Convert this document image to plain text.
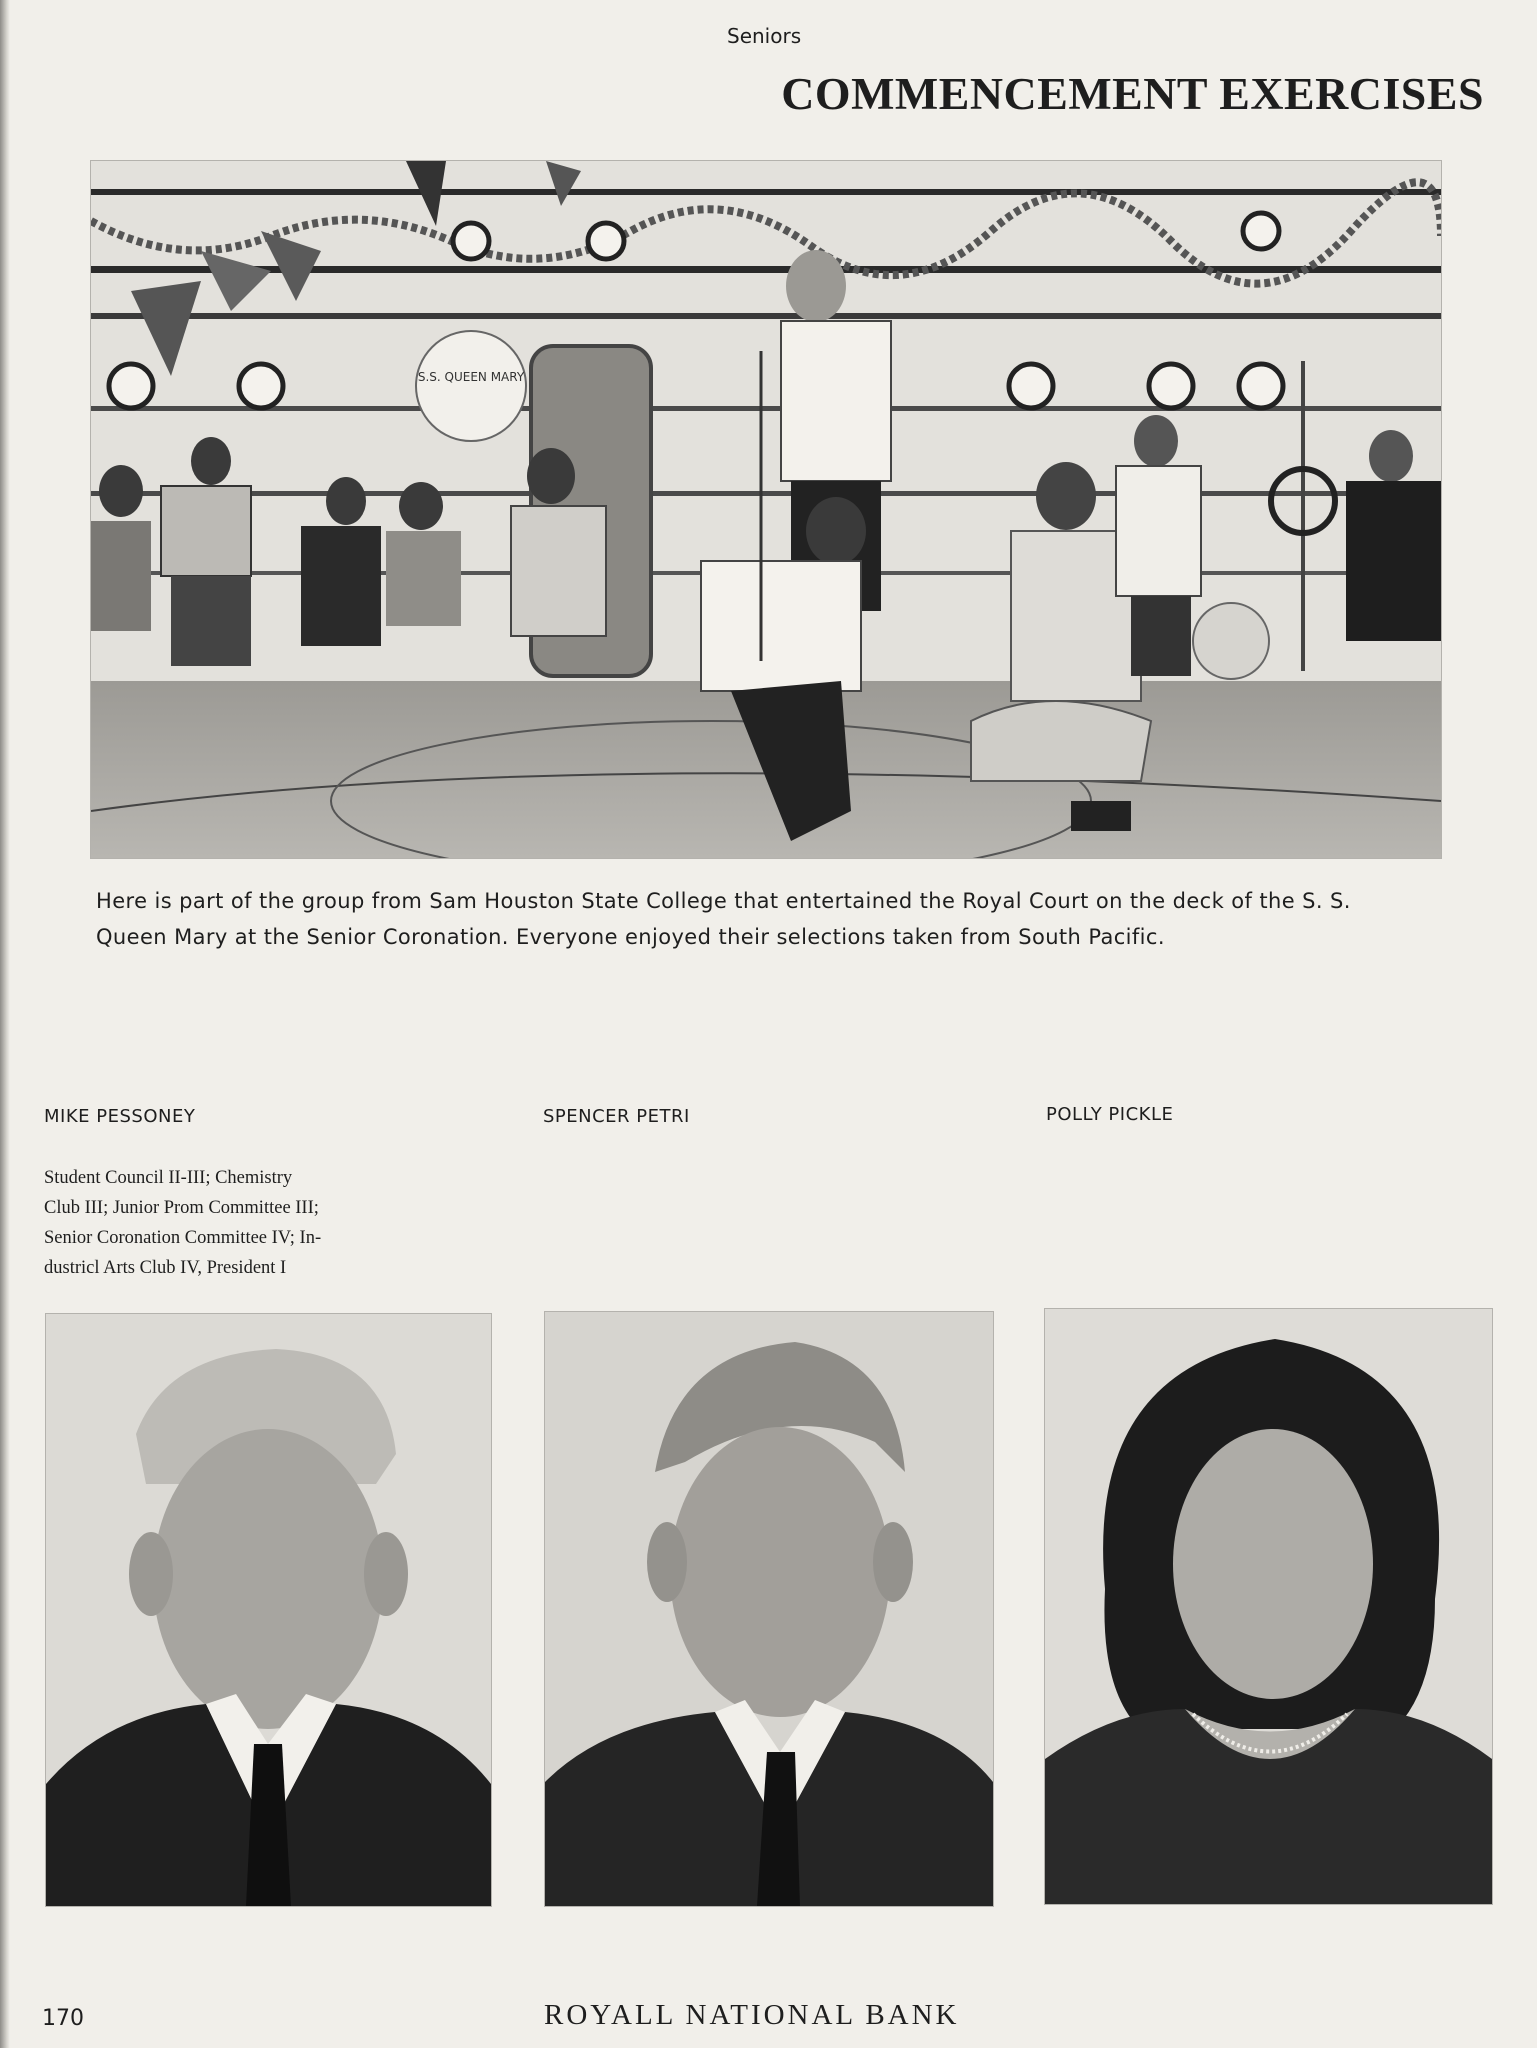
Seniors
COMMENCEMENT EXERCISES
S.S. QUEEN MARY
Here is part of the group from Sam Houston State College that entertained the Royal Court on the deck of the S. S.
Queen Mary at the Senior Coronation. Everyone enjoyed their selections taken from South Pacific.
MIKE PESSONEY	SPENCER PETRI	POLLY PICKLE
Student Council II-III; Chemistry
Club III; Junior Prom Committee III;
Senior Coronation Committee IV; In-
dustricl Arts Club IV, President I
170	ROYALL NATIONAL BANK
